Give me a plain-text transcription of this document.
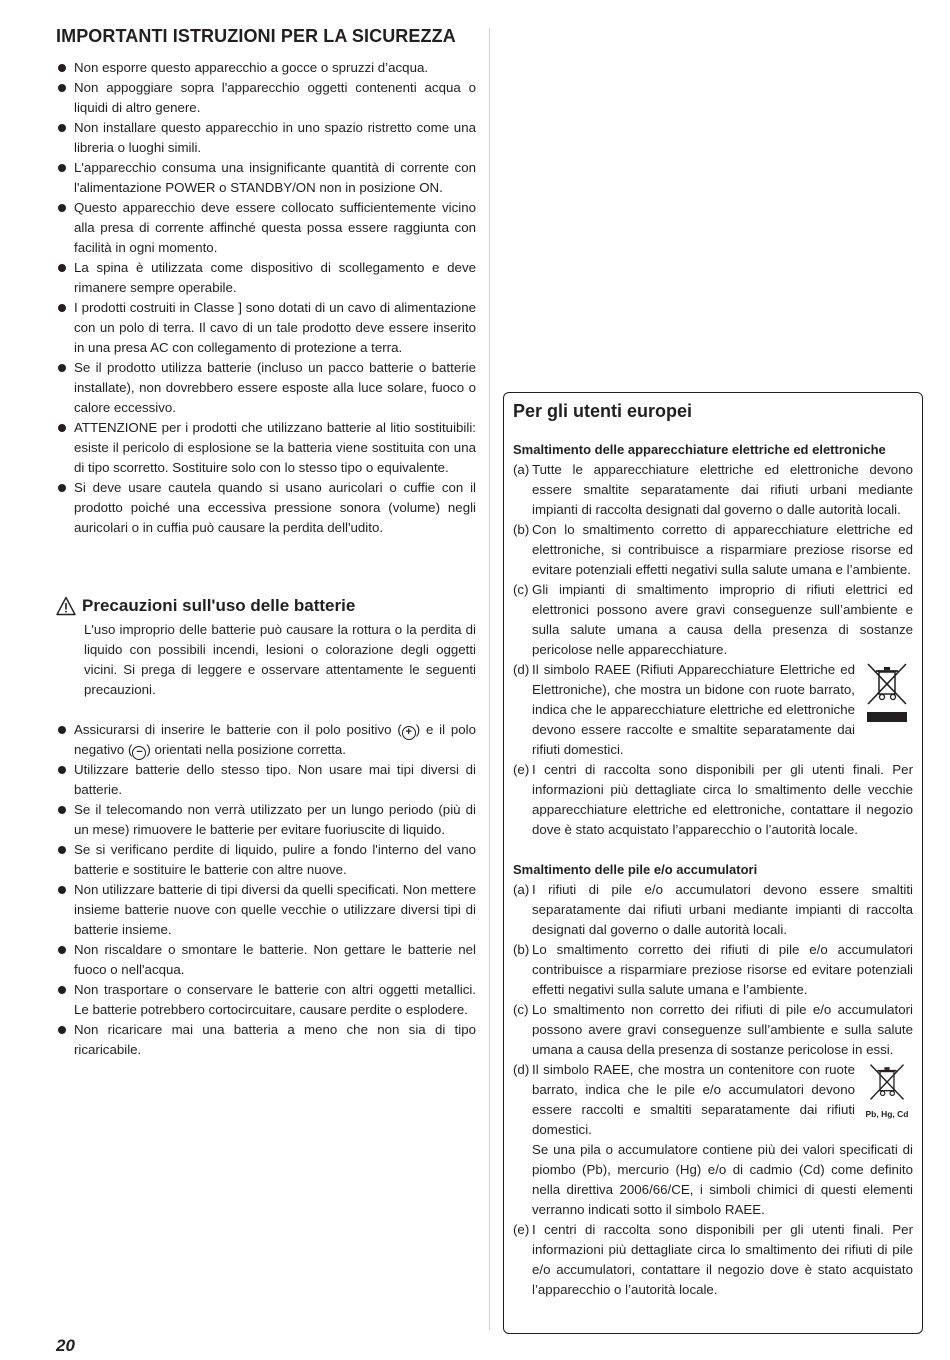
IMPORTANTI ISTRUZIONI PER LA SICUREZZA
Non esporre questo apparecchio a gocce o spruzzi d’acqua.
Non appoggiare sopra l'apparecchio oggetti contenenti acqua o liquidi di altro genere.
Non installare questo apparecchio in uno spazio ristretto come una libreria o luoghi simili.
L'apparecchio consuma una insignificante quantità di corrente con l'alimentazione POWER o STANDBY/ON non in posizione ON.
Questo apparecchio deve essere collocato sufficientemente vicino alla presa di corrente affinché questa possa essere raggiunta con facilità in ogni momento.
La spina è utilizzata come dispositivo di scollegamento e deve rimanere sempre operabile.
I prodotti costruiti in Classe ] sono dotati di un cavo di alimentazione con un polo di terra. Il cavo di un tale prodotto deve essere inserito in una presa AC con collegamento di protezione a terra.
Se il prodotto utilizza batterie (incluso un pacco batterie o batterie installate), non dovrebbero essere esposte alla luce solare, fuoco o calore eccessivo.
ATTENZIONE per i prodotti che utilizzano batterie al litio sostituibili: esiste il pericolo di esplosione se la batteria viene sostituita con una di tipo scorretto. Sostituire solo con lo stesso tipo o equivalente.
Si deve usare cautela quando si usano auricolari o cuffie con il prodotto poiché una eccessiva pressione sonora (volume) negli auricolari o in cuffia può causare la perdita dell'udito.
Precauzioni sull'uso delle batterie

L'uso improprio delle batterie può causare la rottura o la perdita di liquido con possibili incendi, lesioni o colorazione degli oggetti vicini. Si prega di leggere e osservare attentamente le seguenti precauzioni.

Assicurarsi di inserire le batterie con il polo positivo ( + ) e il polo negativo ( − ) orientati nella posizione corretta.
Utilizzare batterie dello stesso tipo. Non usare mai tipi diversi di batterie.
Se il telecomando non verrà utilizzato per un lungo periodo (più di un mese) rimuovere le batterie per evitare fuoriuscite di liquido.
Se si verificano perdite di liquido, pulire a fondo l'interno del vano batterie e sostituire le batterie con altre nuove.
Non utilizzare batterie di tipi diversi da quelli specificati. Non mettere insieme batterie nuove con quelle vecchie o utilizzare diversi tipi di batterie insieme.
Non riscaldare o smontare le batterie. Non gettare le batterie nel fuoco o nell'acqua.
Non trasportare o conservare le batterie con altri oggetti metallici. Le batterie potrebbero cortocircuitare, causare perdite o esplodere.
Non ricaricare mai una batteria a meno che non sia di tipo ricaricabile.
20
Per gli utenti europei

Smaltimento delle apparecchiature elettriche ed elettroniche

(a) Tutte le apparecchiature elettriche ed elettroniche devono essere smaltite separatamente dai rifiuti urbani mediante impianti di raccolta designati dal governo o dalle autorità locali.
(b) Con lo smaltimento corretto di apparecchiature elettriche ed elettroniche, si contribuisce a risparmiare preziose risorse ed evitare potenziali effetti negativi sulla salute umana e l’ambiente.
(c) Gli impianti di smaltimento improprio di rifiuti elettrici ed elettronici possono avere gravi conseguenze sull’ambiente e sulla salute umana a causa della presenza di sostanze pericolose nelle apparecchiature.
(d) Il simbolo RAEE (Rifiuti Apparecchiature Elettriche ed Elettroniche), che mostra un bidone con ruote barrato, indica che le apparecchiature elettriche ed elettroniche devono essere raccolte e smaltite separatamente dai rifiuti domestici.
(e) I centri di raccolta sono disponibili per gli utenti finali. Per informazioni più dettagliate circa lo smaltimento delle vecchie apparecchiature elettriche ed elettroniche, contattare il negozio dove è stato acquistato l’apparecchio o l’autorità locale.

Smaltimento delle pile e/o accumulatori

(a) I rifiuti di pile e/o accumulatori devono essere smaltiti separatamente dai rifiuti urbani mediante impianti di raccolta designati dal governo o dalle autorità locali.
(b) Lo smaltimento corretto dei rifiuti di pile e/o accumulatori contribuisce a risparmiare preziose risorse ed evitare potenziali effetti negativi sulla salute umana e l’ambiente.
(c) Lo smaltimento non corretto dei rifiuti di pile e/o accumulatori possono avere gravi conseguenze sull’ambiente e sulla salute umana a causa della presenza di sostanze pericolose in essi.
(d)
Pb, Hg, Cd
Il simbolo RAEE, che mostra un contenitore con ruote barrato, indica che le pile e/o accumulatori devono essere raccolti e smaltiti separatamente dai rifiuti domestici.
Se una pila o accumulatore contiene più dei valori specificati di piombo (Pb), mercurio (Hg) e/o di cadmio (Cd) come definito nella direttiva 2006/66/CE, i simboli chimici di questi elementi verranno indicati sotto il simbolo RAEE.
(e) I centri di raccolta sono disponibili per gli utenti finali. Per informazioni più dettagliate circa lo smaltimento dei rifiuti di pile e/o accumulatori, contattare il negozio dove è stato acquistato l’apparecchio o l’autorità locale.
